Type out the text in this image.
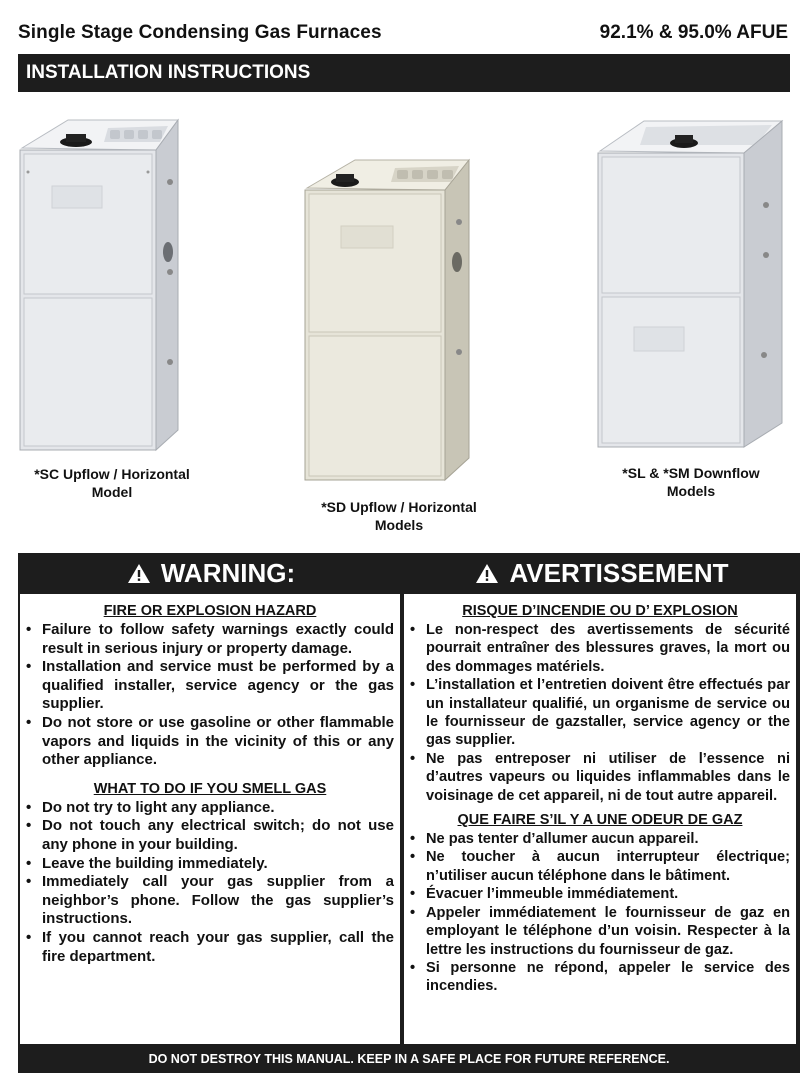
Single Stage Condensing Gas Furnaces	92.1% & 95.0% AFUE
INSTALLATION INSTRUCTIONS
*SC Upflow / Horizontal
Model
*SD Upflow / Horizontal
Models
*SL & *SM Downflow
Models
WARNING:	AVERTISSEMENT
FIRE OR EXPLOSION HAZARD
• Failure to follow safety warnings exactly could result in serious injury or property damage.
• Installation and service must be performed by a qualified installer, service agency or the gas supplier.
• Do not store or use gasoline or other flammable vapors and liquids in the vicinity of this or any other appliance.
WHAT TO DO IF YOU SMELL GAS
• Do not try to light any appliance.
• Do not touch any electrical switch; do not use any phone in your building.
• Leave the building immediately.
• Immediately call your gas supplier from a neighbor’s phone. Follow the gas supplier’s instructions.
• If you cannot reach your gas supplier, call the fire department.
RISQUE D’INCENDIE OU D’ EXPLOSION
• Le non-respect des avertissements de sécurité pourrait entraîner des blessures graves, la mort ou des dommages matériels.
• L’installation et l’entretien doivent être effectués par un installateur qualifié, un organisme de service ou le fournisseur de gazstaller, service agency or the gas supplier.
• Ne pas entreposer ni utiliser de l’essence ni d’autres vapeurs ou liquides inflammables dans le voisinage de cet appareil, ni de tout autre appareil.
QUE FAIRE S’IL Y A UNE ODEUR DE GAZ
• Ne pas tenter d’allumer aucun appareil.
• Ne toucher à aucun interrupteur électrique; n’utiliser aucun téléphone dans le bâtiment.
• Évacuer l’immeuble immédiatement.
• Appeler immédiatement le fournisseur de gaz en employant le téléphone d’un voisin. Respecter à la lettre les instructions du fournisseur de gaz.
• Si personne ne répond, appeler le service des incendies.
DO NOT DESTROY THIS MANUAL. KEEP IN A SAFE PLACE FOR FUTURE REFERENCE.
